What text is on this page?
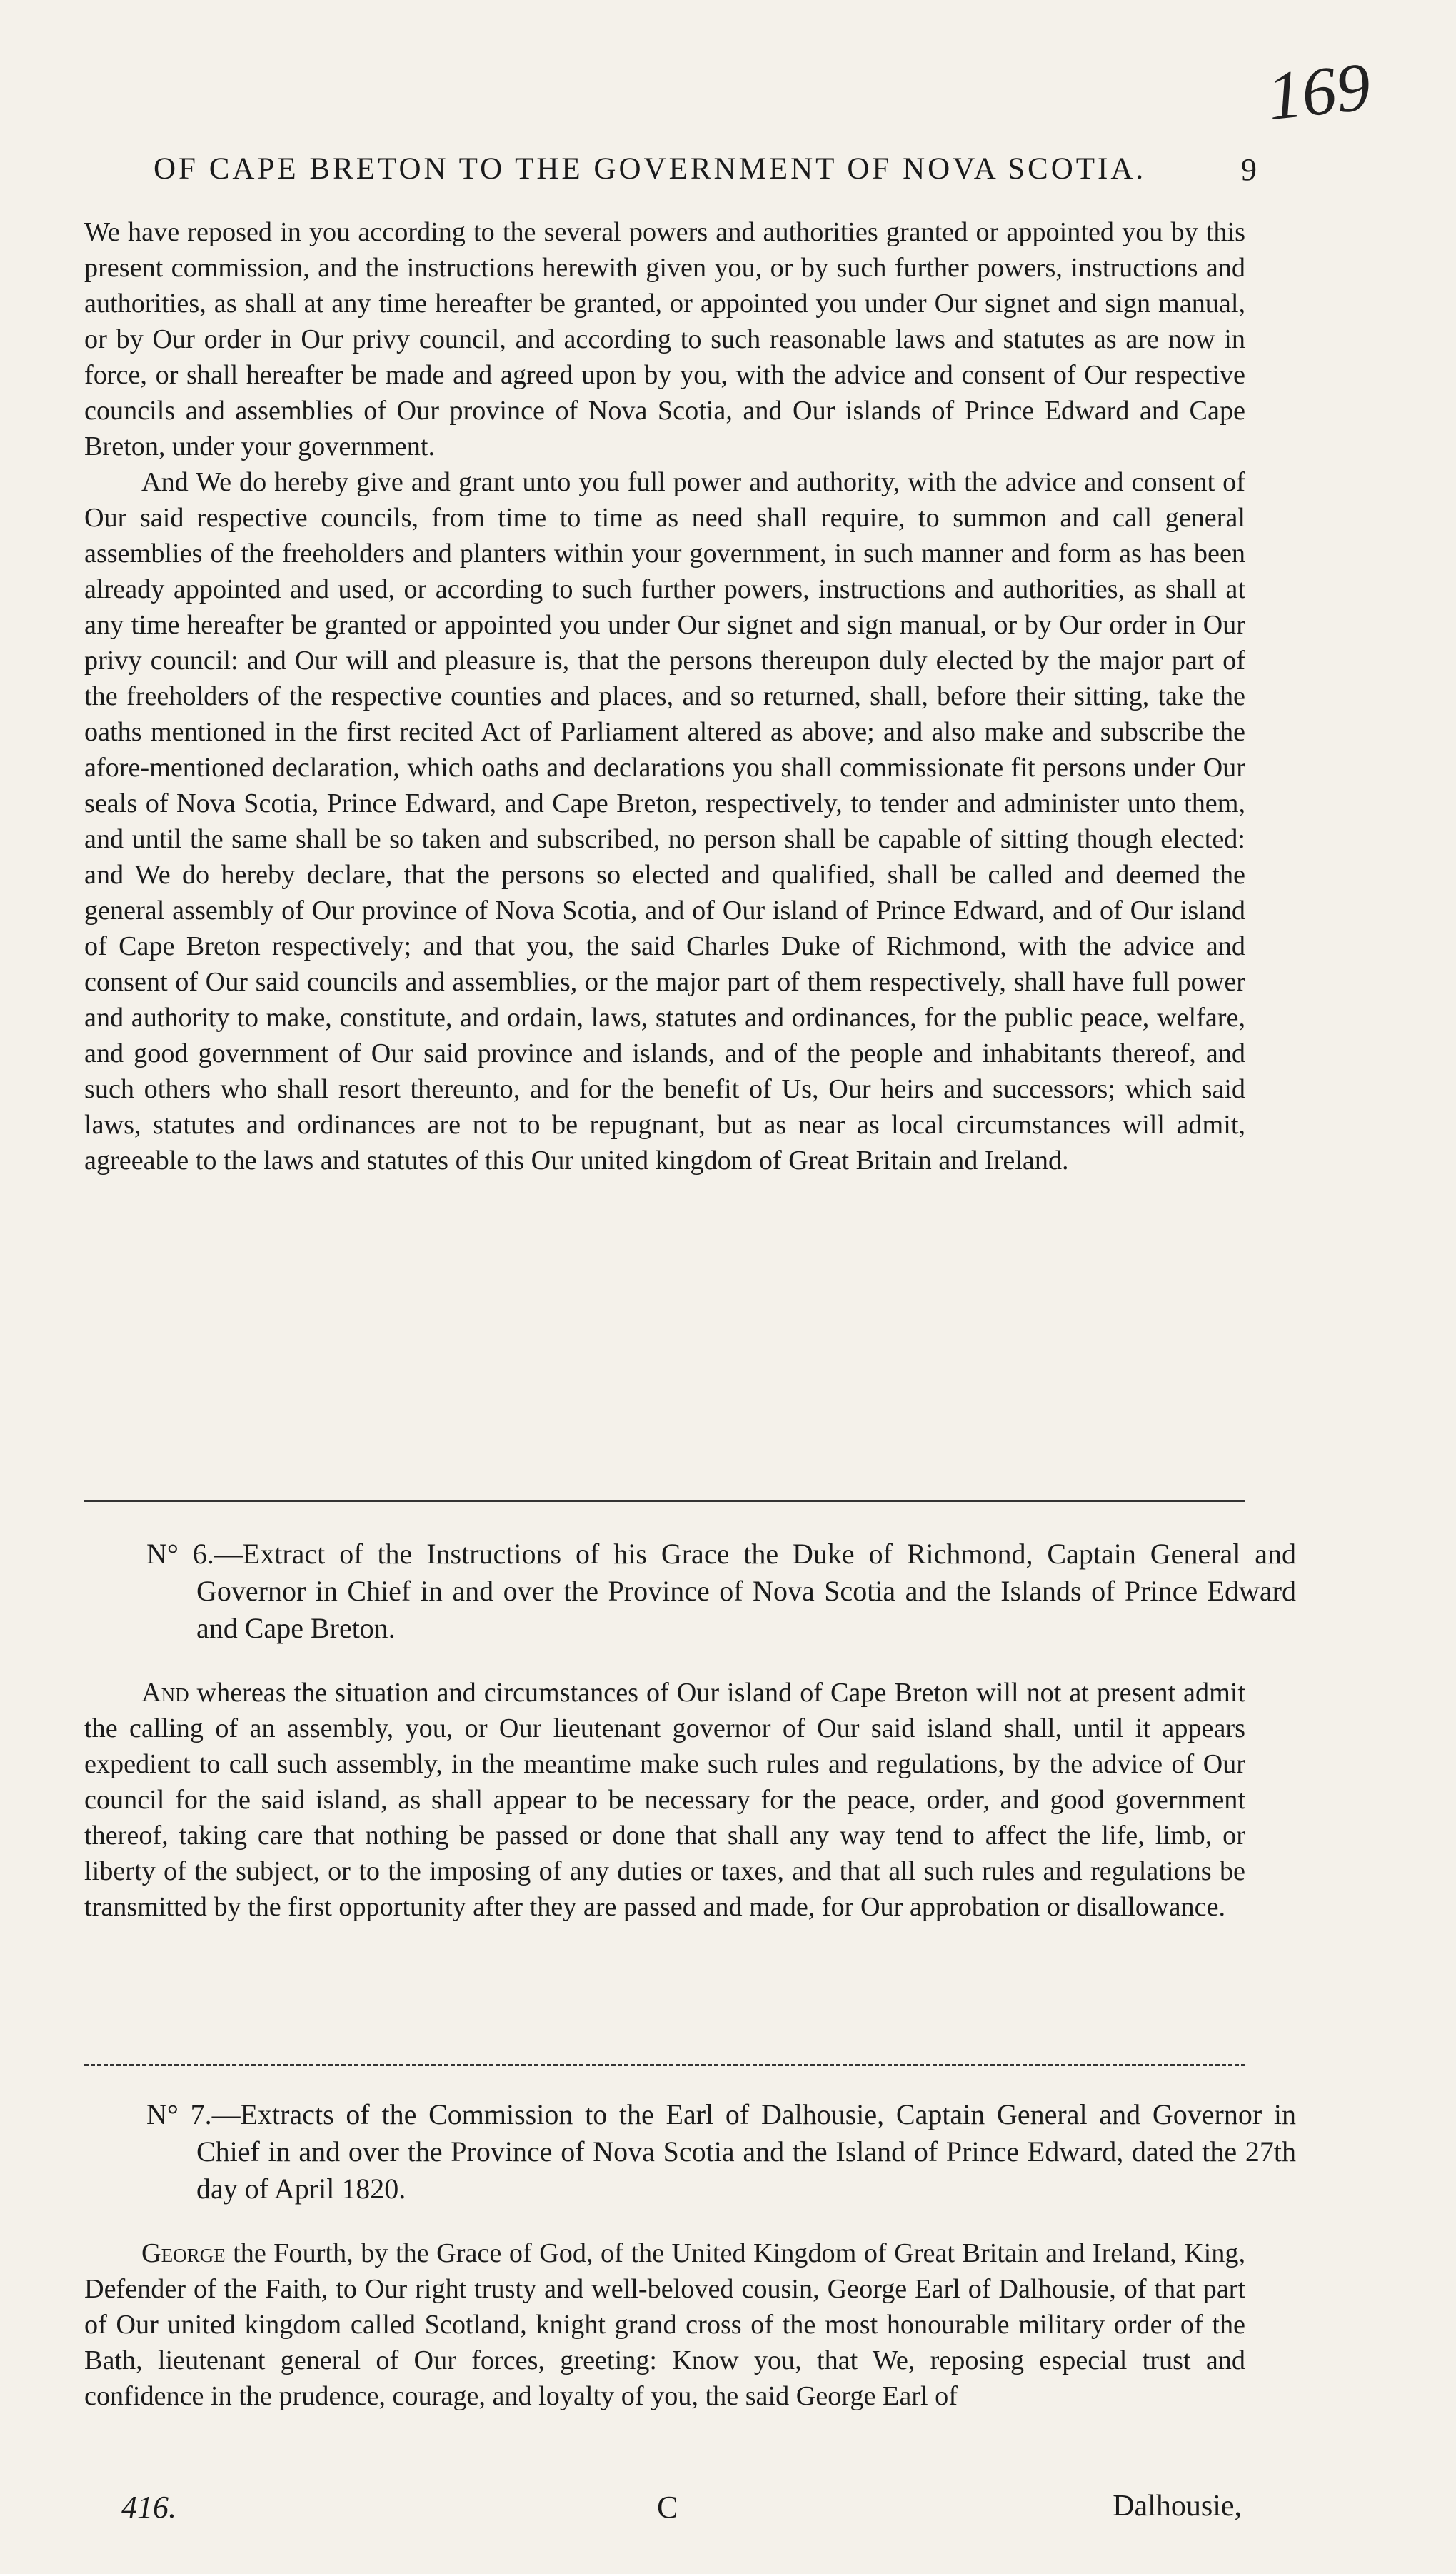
169
OF CAPE BRETON TO THE GOVERNMENT OF NOVA SCOTIA.	9

We have reposed in you according to the several powers and authorities granted or appointed you by this present commission, and the instructions herewith given you, or by such further powers, instructions and authorities, as shall at any time hereafter be granted, or appointed you under Our signet and sign manual, or by Our order in Our privy council, and according to such reasonable laws and statutes as are now in force, or shall hereafter be made and agreed upon by you, with the advice and consent of Our respective councils and assemblies of Our province of Nova Scotia, and Our islands of Prince Edward and Cape Breton, under your government.

And We do hereby give and grant unto you full power and authority, with the advice and consent of Our said respective councils, from time to time as need shall require, to summon and call general assemblies of the freeholders and planters within your government, in such manner and form as has been already appointed and used, or according to such further powers, instructions and authorities, as shall at any time hereafter be granted or appointed you under Our signet and sign manual, or by Our order in Our privy council: and Our will and pleasure is, that the persons thereupon duly elected by the major part of the freeholders of the respective counties and places, and so returned, shall, before their sitting, take the oaths mentioned in the first recited Act of Parliament altered as above; and also make and subscribe the afore-mentioned declaration, which oaths and declarations you shall commissionate fit persons under Our seals of Nova Scotia, Prince Edward, and Cape Breton, respectively, to tender and administer unto them, and until the same shall be so taken and subscribed, no person shall be capable of sitting though elected: and We do hereby declare, that the persons so elected and qualified, shall be called and deemed the general assembly of Our province of Nova Scotia, and of Our island of Prince Edward, and of Our island of Cape Breton respectively; and that you, the said Charles Duke of Richmond, with the advice and consent of Our said councils and assemblies, or the major part of them respectively, shall have full power and authority to make, constitute, and ordain, laws, statutes and ordinances, for the public peace, welfare, and good government of Our said province and islands, and of the people and inhabitants thereof, and such others who shall resort thereunto, and for the benefit of Us, Our heirs and successors; which said laws, statutes and ordinances are not to be repugnant, but as near as local circumstances will admit, agreeable to the laws and statutes of this Our united kingdom of Great Britain and Ireland.

N° 6.—Extract of the Instructions of his Grace the Duke of Richmond, Captain General and Governor in Chief in and over the Province of Nova Scotia and the Islands of Prince Edward and Cape Breton.

And whereas the situation and circumstances of Our island of Cape Breton will not at present admit the calling of an assembly, you, or Our lieutenant governor of Our said island shall, until it appears expedient to call such assembly, in the meantime make such rules and regulations, by the advice of Our council for the said island, as shall appear to be necessary for the peace, order, and good government thereof, taking care that nothing be passed or done that shall any way tend to affect the life, limb, or liberty of the subject, or to the imposing of any duties or taxes, and that all such rules and regulations be transmitted by the first opportunity after they are passed and made, for Our approbation or disallowance.

N° 7.—Extracts of the Commission to the Earl of Dalhousie, Captain General and Governor in Chief in and over the Province of Nova Scotia and the Island of Prince Edward, dated the 27th day of April 1820.

George the Fourth, by the Grace of God, of the United Kingdom of Great Britain and Ireland, King, Defender of the Faith, to Our right trusty and well-beloved cousin, George Earl of Dalhousie, of that part of Our united kingdom called Scotland, knight grand cross of the most honourable military order of the Bath, lieutenant general of Our forces, greeting: Know you, that We, reposing especial trust and confidence in the prudence, courage, and loyalty of you, the said George Earl of

416.	C	Dalhousie,
